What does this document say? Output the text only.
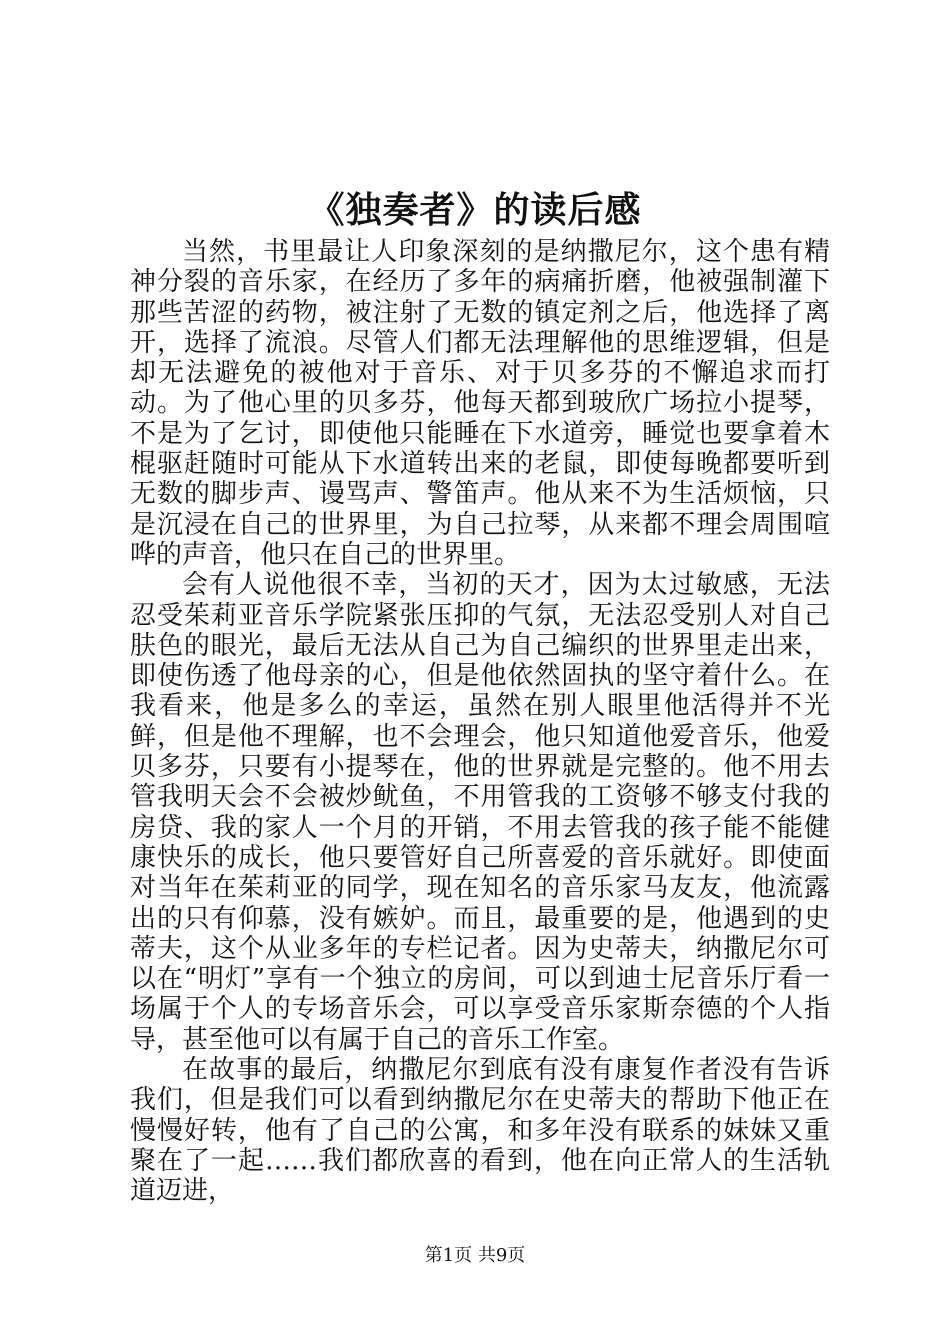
《独奏者》的读后感

当然，书里最让人印象深刻的是纳撒尼尔，这个患有精神分裂的音乐家，在经历了多年的病痛折磨，他被强制灌下那些苦涩的药物，被注射了无数的镇定剂之后，他选择了离开，选择了流浪。尽管人们都无法理解他的思维逻辑，但是却无法避免的被他对于音乐、对于贝多芬的不懈追求而打动。为了他心里的贝多芬，他每天都到玻欣广场拉小提琴，不是为了乞讨，即使他只能睡在下水道旁，睡觉也要拿着木棍驱赶随时可能从下水道转出来的老鼠，即使每晚都要听到无数的脚步声、谩骂声、警笛声。他从来不为生活烦恼，只是沉浸在自己的世界里，为自己拉琴，从来都不理会周围喧哗的声音，他只在自己的世界里。

会有人说他很不幸，当初的天才，因为太过敏感，无法忍受茱莉亚音乐学院紧张压抑的气氛，无法忍受别人对自己肤色的眼光，最后无法从自己为自己编织的世界里走出来，即使伤透了他母亲的心，但是他依然固执的坚守着什么。在我看来，他是多么的幸运，虽然在别人眼里他活得并不光鲜，但是他不理解，也不会理会，他只知道他爱音乐，他爱贝多芬，只要有小提琴在，他的世界就是完整的。他不用去管我明天会不会被炒鱿鱼，不用管我的工资够不够支付我的房贷、我的家人一个月的开销，不用去管我的孩子能不能健康快乐的成长，他只要管好自己所喜爱的音乐就好。即使面对当年在茱莉亚的同学，现在知名的音乐家马友友，他流露出的只有仰慕，没有嫉妒。而且，最重要的是，他遇到的史蒂夫，这个从业多年的专栏记者。因为史蒂夫，纳撒尼尔可以在“明灯”享有一个独立的房间，可以到迪士尼音乐厅看一场属于个人的专场音乐会，可以享受音乐家斯奈德的个人指导，甚至他可以有属于自己的音乐工作室。

在故事的最后，纳撒尼尔到底有没有康复作者没有告诉我们，但是我们可以看到纳撒尼尔在史蒂夫的帮助下他正在慢慢好转，他有了自己的公寓，和多年没有联系的妹妹又重聚在了一起……我们都欣喜的看到，他在向正常人的生活轨道迈进，

第1页 共9页
